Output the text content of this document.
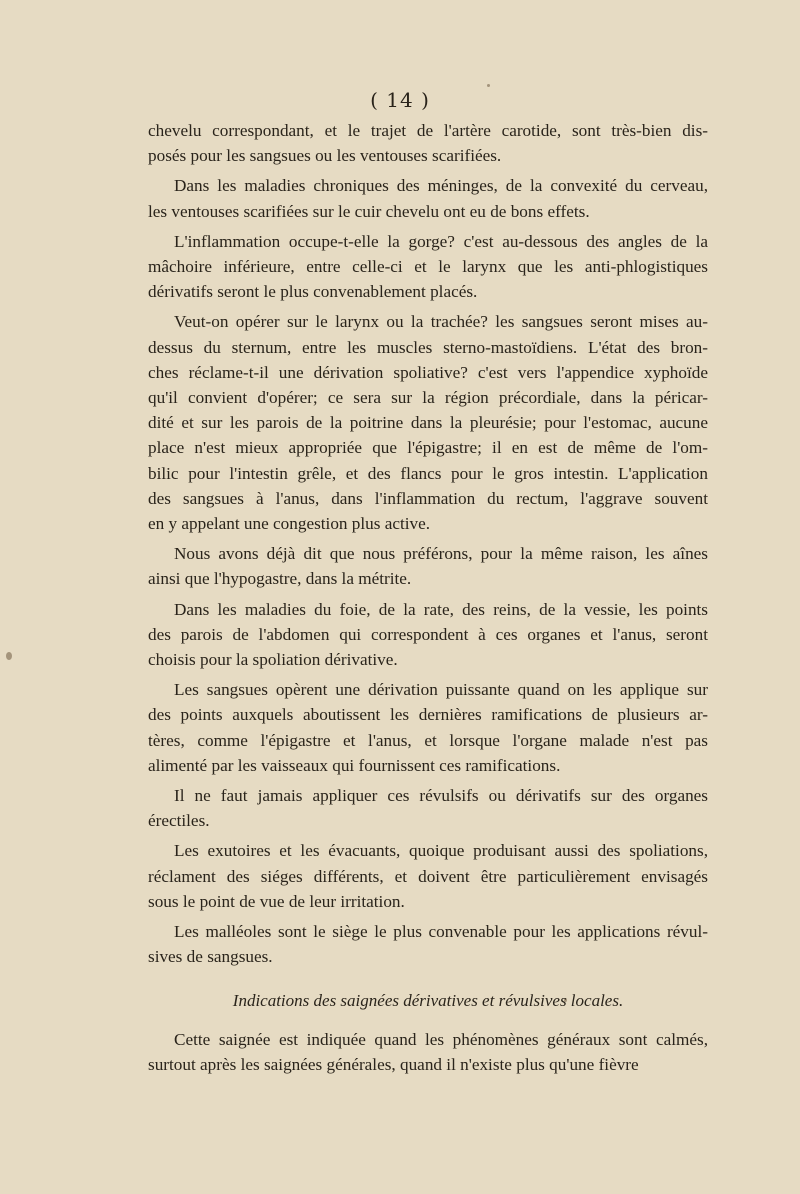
( 14 )
chevelu correspondant, et le trajet de l'artère carotide, sont très-bien dis-
posés pour les sangsues ou les ventouses scarifiées.
Dans les maladies chroniques des méninges, de la convexité du cerveau,
les ventouses scarifiées sur le cuir chevelu ont eu de bons effets.
L'inflammation occupe-t-elle la gorge? c'est au-dessous des angles de la
mâchoire inférieure, entre celle-ci et le larynx que les anti-phlogistiques
dérivatifs seront le plus convenablement placés.
Veut-on opérer sur le larynx ou la trachée? les sangsues seront mises au-
dessus du sternum, entre les muscles sterno-mastoïdiens. L'état des bron-
ches réclame-t-il une dérivation spoliative? c'est vers l'appendice xyphoïde
qu'il convient d'opérer; ce sera sur la région précordiale, dans la péricar-
dité et sur les parois de la poitrine dans la pleurésie; pour l'estomac, aucune
place n'est mieux appropriée que l'épigastre; il en est de même de l'om-
bilic pour l'intestin grêle, et des flancs pour le gros intestin. L'application
des sangsues à l'anus, dans l'inflammation du rectum, l'aggrave souvent
en y appelant une congestion plus active.
Nous avons déjà dit que nous préférons, pour la même raison, les aînes
ainsi que l'hypogastre, dans la métrite.
Dans les maladies du foie, de la rate, des reins, de la vessie, les points
des parois de l'abdomen qui correspondent à ces organes et l'anus, seront
choisis pour la spoliation dérivative.
Les sangsues opèrent une dérivation puissante quand on les applique sur
des points auxquels aboutissent les dernières ramifications de plusieurs ar-
tères, comme l'épigastre et l'anus, et lorsque l'organe malade n'est pas
alimenté par les vaisseaux qui fournissent ces ramifications.
Il ne faut jamais appliquer ces révulsifs ou dérivatifs sur des organes
érectiles.
Les exutoires et les évacuants, quoique produisant aussi des spoliations,
réclament des siéges différents, et doivent être particulièrement envisagés
sous le point de vue de leur irritation.
Les malléoles sont le siège le plus convenable pour les applications révul-
sives de sangsues.
Indications des saignées dérivatives et révulsives locales.
Cette saignée est indiquée quand les phénomènes généraux sont calmés,
surtout après les saignées générales, quand il n'existe plus qu'une fièvre
